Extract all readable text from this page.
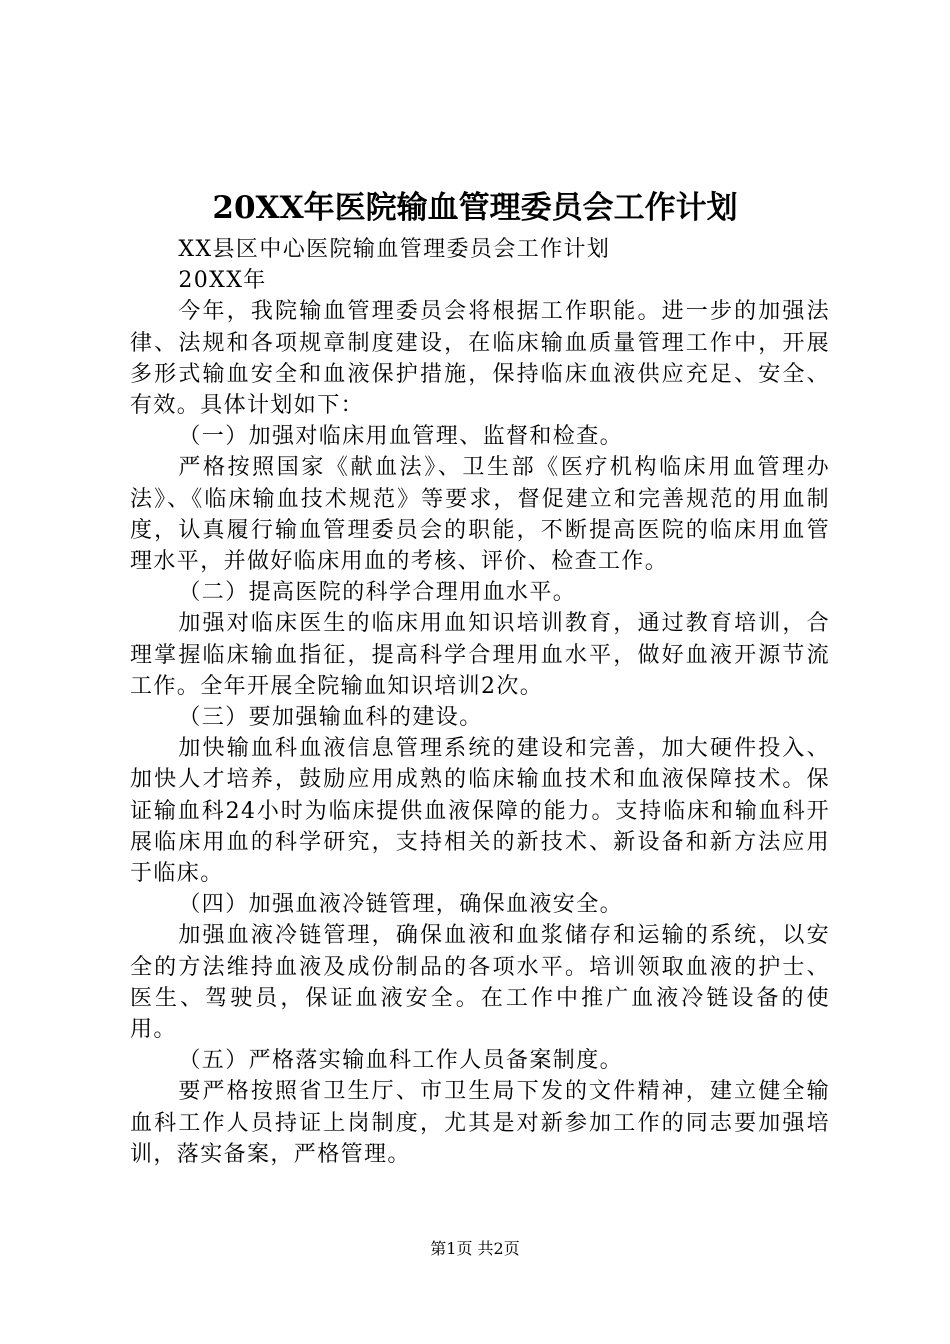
20XX年医院输血管理委员会工作计划

XX县区中心医院输血管理委员会工作计划

20XX年

今年，我院输血管理委员会将根据工作职能。进一步的加强法律、法规和各项规章制度建设，在临床输血质量管理工作中，开展多形式输血安全和血液保护措施，保持临床血液供应充足、安全、有效。具体计划如下：

（一）加强对临床用血管理、监督和检查。

严格按照国家《献血法》、卫生部《医疗机构临床用血管理办法》、《临床输血技术规范》等要求，督促建立和完善规范的用血制度，认真履行输血管理委员会的职能，不断提高医院的临床用血管理水平，并做好临床用血的考核、评价、检查工作。

（二）提高医院的科学合理用血水平。

加强对临床医生的临床用血知识培训教育，通过教育培训，合理掌握临床输血指征，提高科学合理用血水平，做好血液开源节流工作。全年开展全院输血知识培训2次。

（三）要加强输血科的建设。

加快输血科血液信息管理系统的建设和完善，加大硬件投入、加快人才培养，鼓励应用成熟的临床输血技术和血液保障技术。保证输血科24小时为临床提供血液保障的能力。支持临床和输血科开展临床用血的科学研究，支持相关的新技术、新设备和新方法应用于临床。

（四）加强血液冷链管理，确保血液安全。

加强血液冷链管理，确保血液和血浆储存和运输的系统，以安全的方法维持血液及成份制品的各项水平。培训领取血液的护士、医生、驾驶员，保证血液安全。在工作中推广血液冷链设备的使用。

（五）严格落实输血科工作人员备案制度。

要严格按照省卫生厅、市卫生局下发的文件精神，建立健全输血科工作人员持证上岗制度，尤其是对新参加工作的同志要加强培训，落实备案，严格管理。

第1页 共2页
